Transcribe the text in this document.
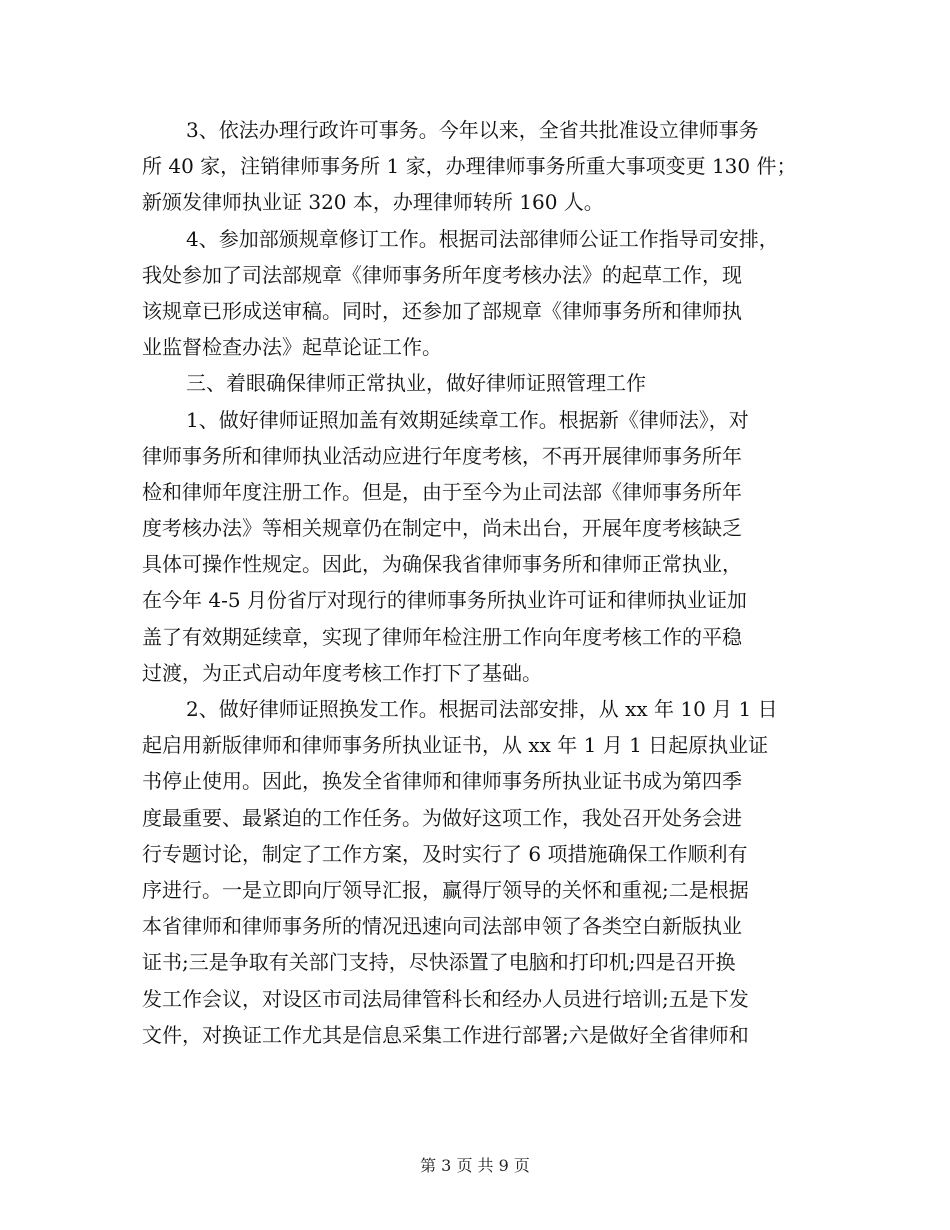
3、依法办理行政许可事务。今年以来，全省共批准设立律师事务
所 40 家，注销律师事务所 1 家，办理律师事务所重大事项变更 130 件；
新颁发律师执业证 320 本，办理律师转所 160 人。
4、参加部颁规章修订工作。根据司法部律师公证工作指导司安排，
我处参加了司法部规章《律师事务所年度考核办法》的起草工作，现
该规章已形成送审稿。同时，还参加了部规章《律师事务所和律师执
业监督检查办法》起草论证工作。
三、着眼确保律师正常执业，做好律师证照管理工作
1、做好律师证照加盖有效期延续章工作。根据新《律师法》，对
律师事务所和律师执业活动应进行年度考核，不再开展律师事务所年
检和律师年度注册工作。但是，由于至今为止司法部《律师事务所年
度考核办法》等相关规章仍在制定中，尚未出台，开展年度考核缺乏
具体可操作性规定。因此，为确保我省律师事务所和律师正常执业，
在今年 4-5 月份省厅对现行的律师事务所执业许可证和律师执业证加
盖了有效期延续章，实现了律师年检注册工作向年度考核工作的平稳
过渡，为正式启动年度考核工作打下了基础。
2、做好律师证照换发工作。根据司法部安排，从 xx 年 10 月 1 日
起启用新版律师和律师事务所执业证书，从 xx 年 1 月 1 日起原执业证
书停止使用。因此，换发全省律师和律师事务所执业证书成为第四季
度最重要、最紧迫的工作任务。为做好这项工作，我处召开处务会进
行专题讨论，制定了工作方案，及时实行了 6 项措施确保工作顺利有
序进行。一是立即向厅领导汇报，赢得厅领导的关怀和重视;二是根据
本省律师和律师事务所的情况迅速向司法部申领了各类空白新版执业
证书;三是争取有关部门支持，尽快添置了电脑和打印机;四是召开换
发工作会议，对设区市司法局律管科长和经办人员进行培训;五是下发
文件，对换证工作尤其是信息采集工作进行部署;六是做好全省律师和
第 3 页 共 9 页
